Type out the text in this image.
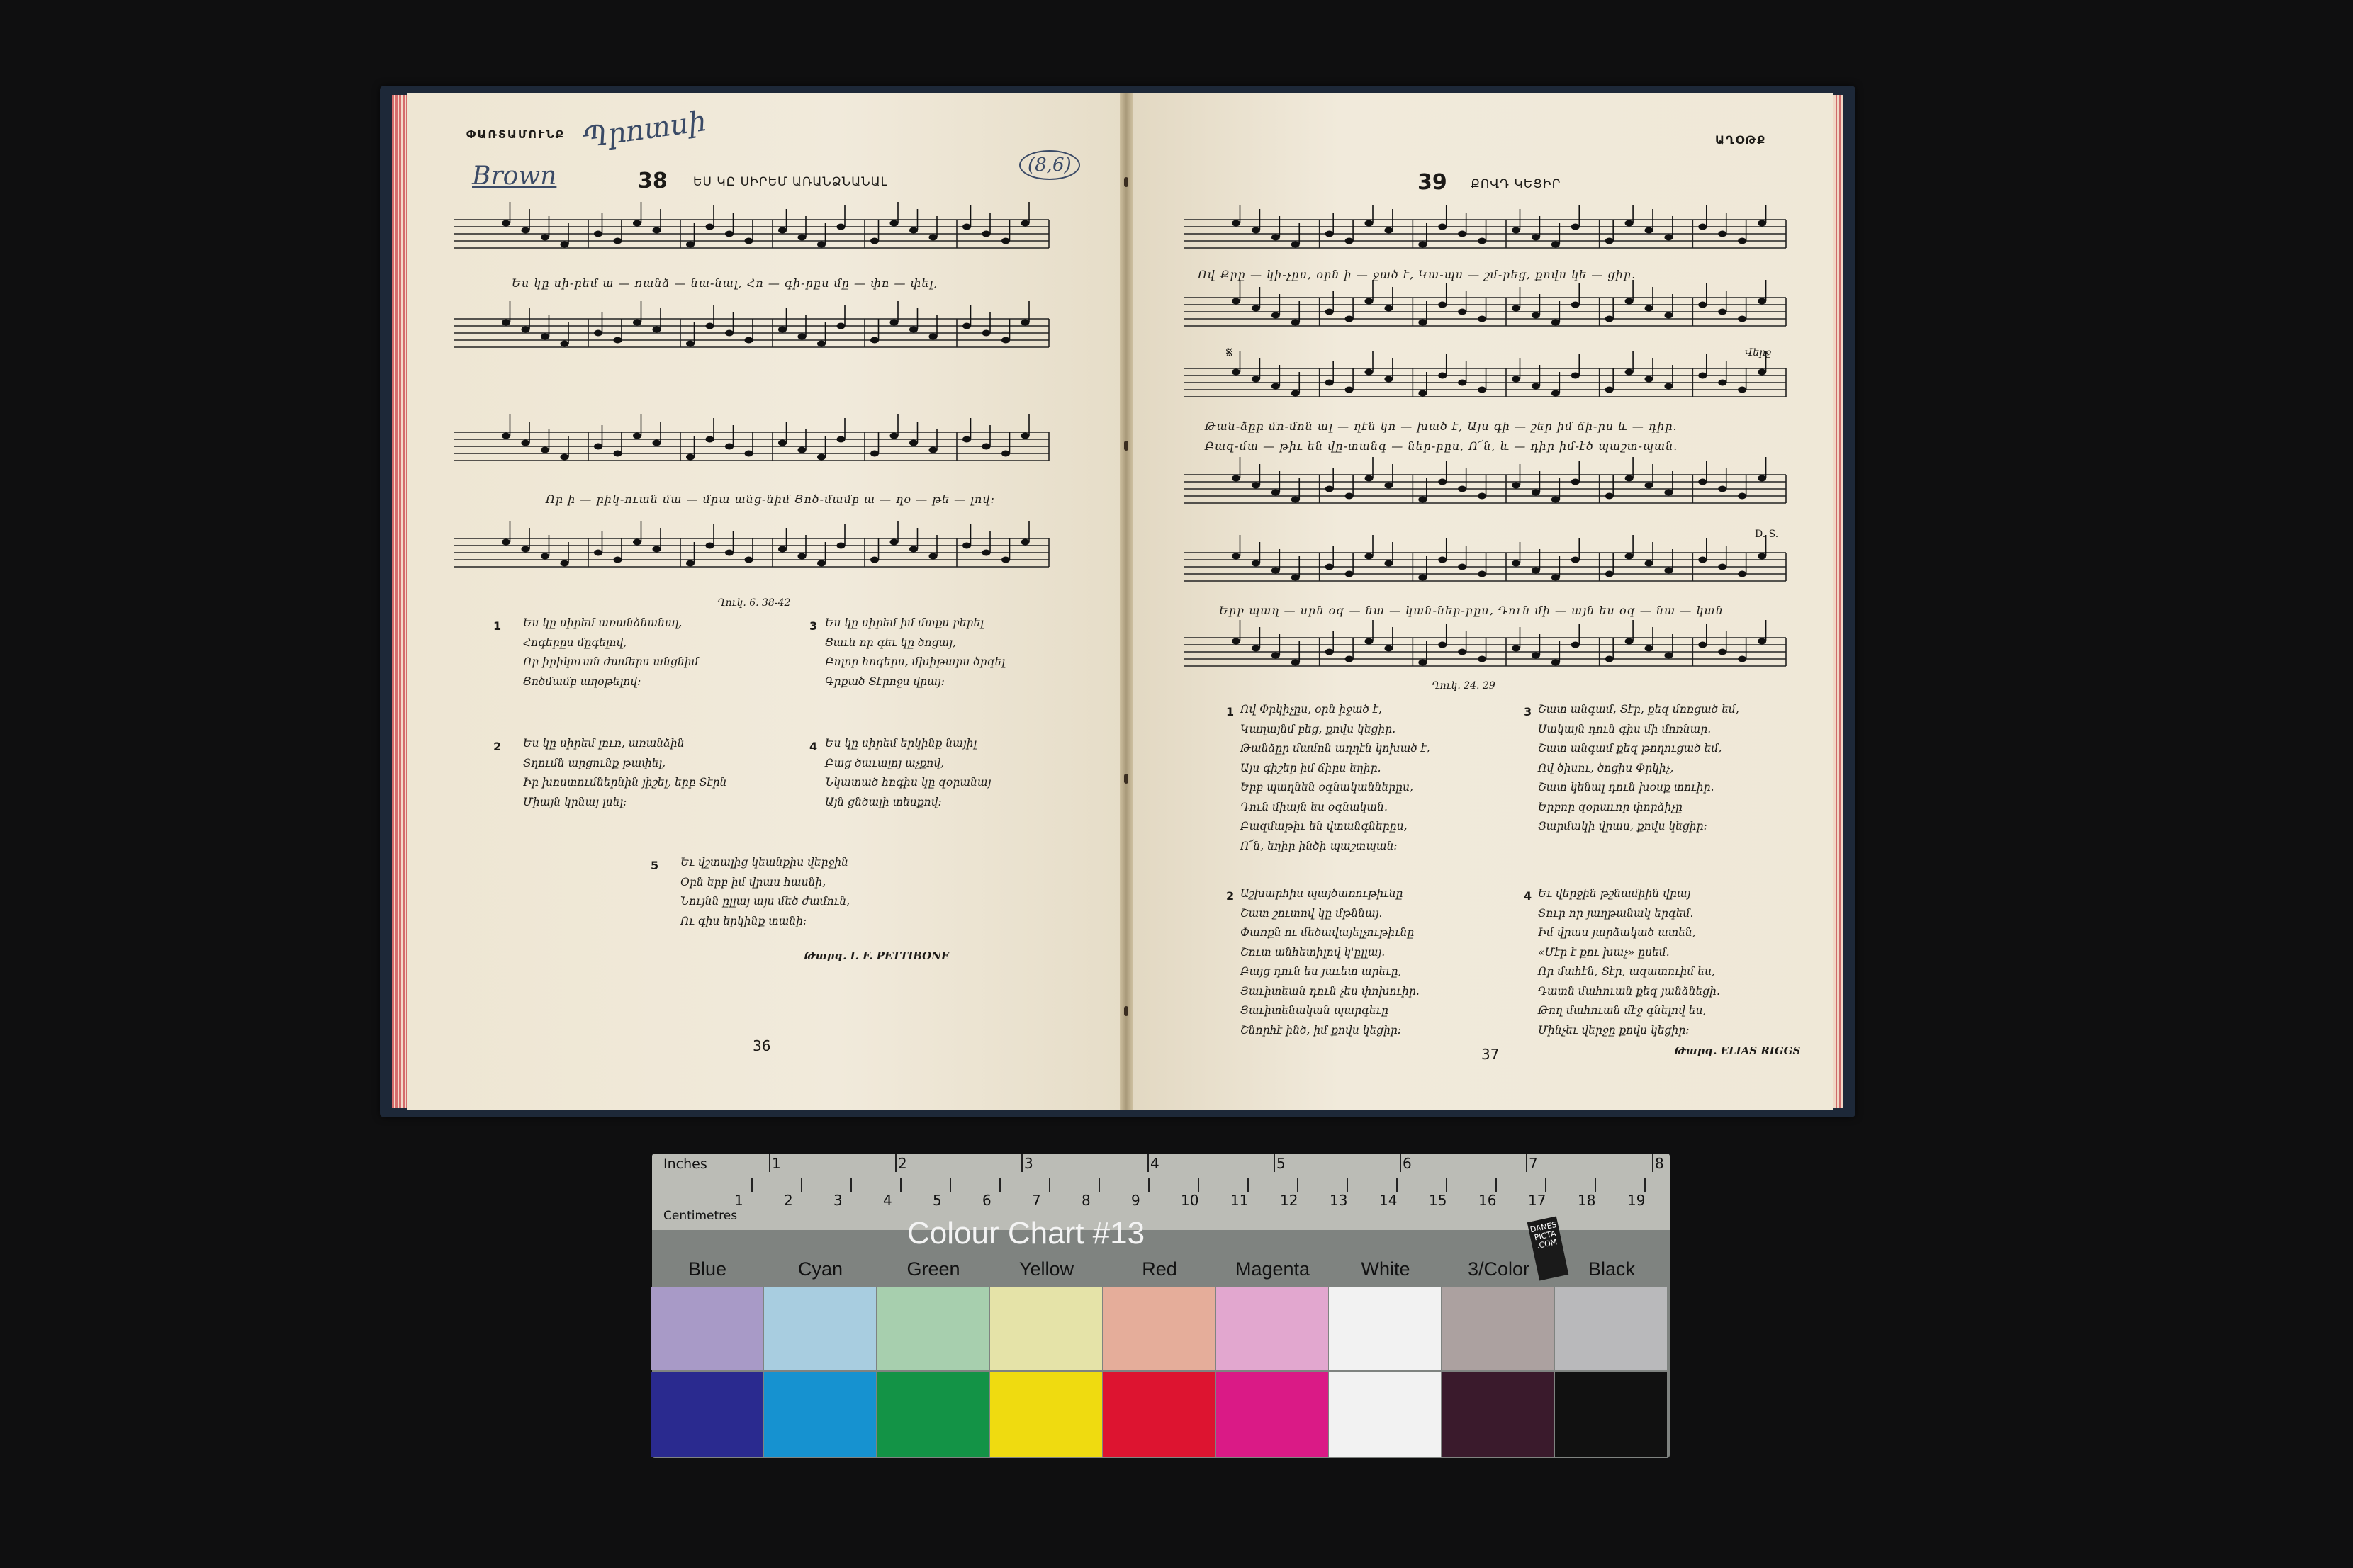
ՓԱՌՏԱՄՈՒՆՔ Պրոտսի
Brown	(8,6)
38 ԵՍ ԿԸ ՍԻՐԵՄ ԱՌԱՆՁՆԱՆԱԼ
Ես կը սի-րեմ ա — ռանձ — նա-նալ, Հո — գի-րըս մը — փո — փել,
Որ ի — րիկ-ուան մա — մրա անց-նիմ Յոծ-մամբ ա — ղօ — թե — լով։
Ղուկ. 6. 38-42
1 Ես կը սիրեմ առանձնանալ,
Հոգերըս մըգելով,
Որ իրիկուան ժամերս անցնիմ
Յոծմամբ աղօթելով։
2 Ես կը սիրեմ լուռ, առանձին
Տղումն արցունք թափել,
Իր խոստումներնին յիշել, երբ Տէրն
Միայն կրնայ լսել։
3 Ես կը սիրեմ իմ մտքս բերել
Ցաւն որ գեւ կը ծոցայ,
Բոլոր հոգերս, մխիթարս ծրգել
Գրքած Տէրոջս վրայ։
4 Ես կը սիրեմ երկինք նայիլ
Բաց ծաւալոյ աչքով,
Նկատած հոգիս կը զօրանայ
Այն ցնծալի տեսքով։
5 Եւ վշտալից կեանքիս վերջին
Օրն երբ իմ վրաս հասնի,
Նույնն ըլլայ այս մեծ ժամուն,
Ու գիս երկինք տանի։
Թարգ. I. F. PETTIBONE
36
ԱՂՕԹՔ
39 ՔՈՎԴ ԿԵՑԻՐ
Ով Քրը — կի-չըս, օրն ի — ջած է, Կա-պս — շմ-րեց, քովս կե — ցիր.
𝄋	Վերջ
Թան-ձըր մո-մոն ալ — ղէն կո — խած է, Այս գի — շեր իմ ճի-րս և — դիր.
Բազ-մա — թիւ են վը-տանգ — ներ-րըս, Ո՜ն, և — դիր իմ-էծ պաշտ-պան.
D. S.
Երբ պաղ — սրն օգ — նա — կան-ներ-րըս, Դուն մի — այն ես օգ — նա — կան
Ղուկ. 24. 29
1 Ով Փրկիչըս, օրն իջած է,
Կաղայնմ բեց, քովս կեցիր.
Թանձըր մամոն աղղէն կոխած է,
Այս գիշեր իմ ճիրս եղիր.
Երբ պաղնեն օգնականներըս,
Դուն միայն ես օգնական.
Բազմաթիւ են վտանգներըս,
Ո՜ն, եղիր ինծի պաշտպան։
2 Աշխարհիս պայծառութիւնը
Շատ շուտով կը մթննայ.
Փառքն ու մեծավայելչութիւնը
Շուտ անհետիլով կ'ըլլայ.
Բայց դուն ես յաւետ արեւը,
Յաւիտեան դուն չես փոխուիր.
Յաւիտենական պարգեւը
Շնորհէ ինծ, իմ քովս կեցիր։
3 Շատ անգամ, Տէր, քեզ մոռցած եմ,
Սակայն դուն գիս մի մոռնար.
Շատ անգամ քեզ թողուցած եմ,
Ով ծիսու, ծոցիս Փրկիչ,
Շատ կենալ դուն խօսք տուիր.
Երբոր զօրաւոր փորձիչը
Ցարմակի վրաս, քովս կեցիր։
4 Եւ վերջին թշնամիին վրայ
Տուր որ յաղթանակ երգեմ.
Իմ վրաս յարձակած ատեն,
«Մէր է քու խաչ» ըսեմ.
Որ մահէն, Տէր, ազատուիմ ես,
Դատն մահուան քեզ յանձնեցի.
Թող մահուան մէջ գնելով ես,
Մինչեւ վերջը քովս կեցիր։
37	Թարգ. ELIAS RIGGS
Inches
Centimetres
1	2	3	4	5	6	7	8
1	2	3	4	5	6	7	8	9	10 11 12 13 14 15 16 17 18 19
Colour Chart #13	DANES PICTA .COM
Blue	Cyan	Green	Yellow	Red	Magenta	White	3/Color	Black
